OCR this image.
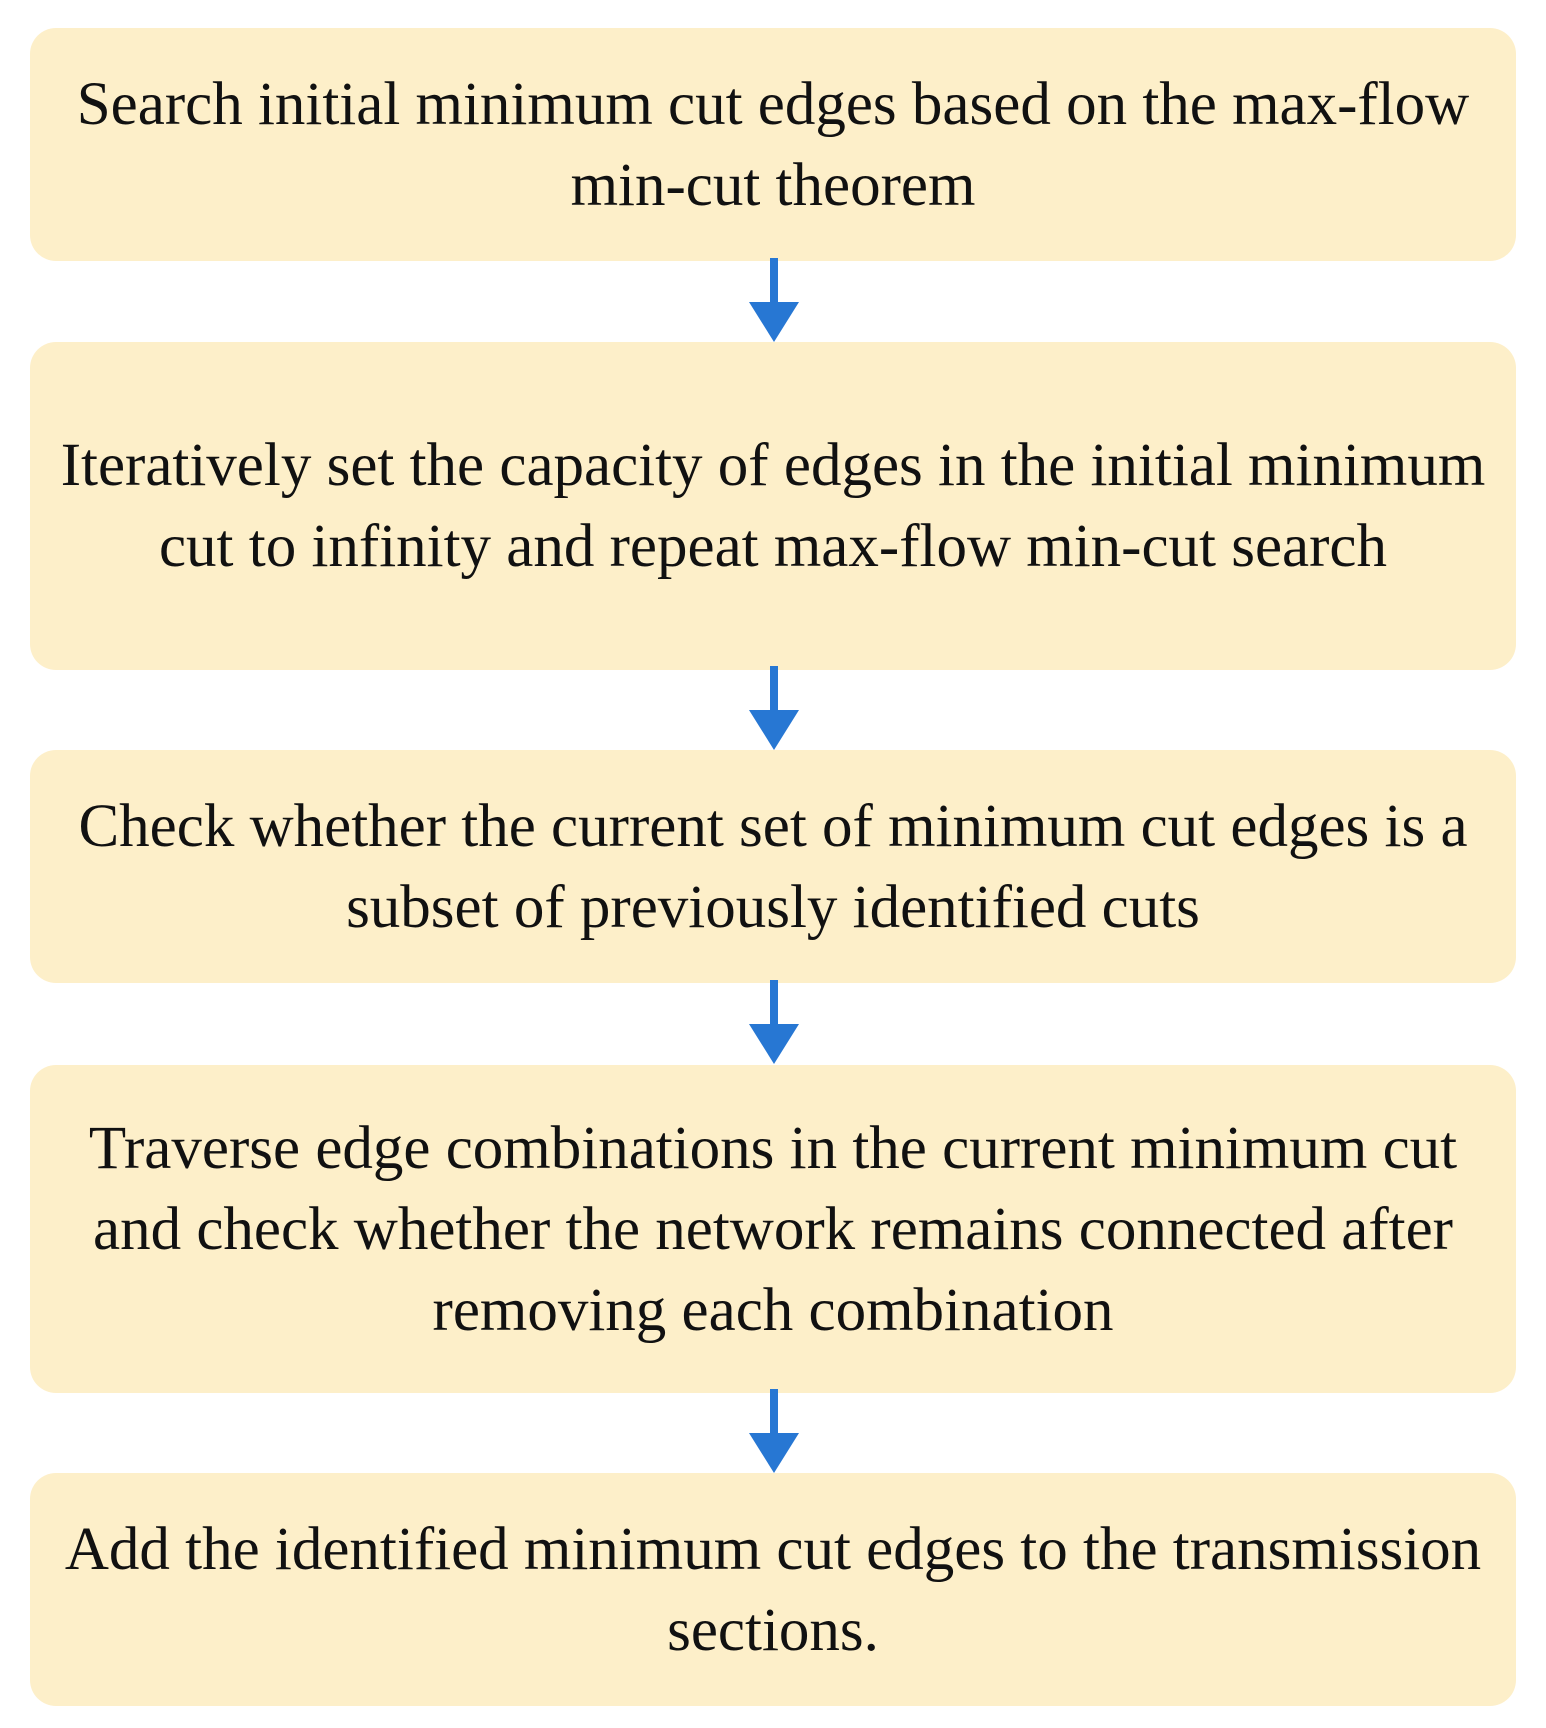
Search initial minimum cut edges based on the max-flow min-cut theorem
Iteratively set the capacity of edges in the initial minimum cut to infinity and repeat max-flow min-cut search
Check whether the current set of minimum cut edges is a subset of previously identified cuts
Traverse edge combinations in the current minimum cut and check whether the network remains connected after removing each combination
Add the identified minimum cut edges to the transmission sections.
